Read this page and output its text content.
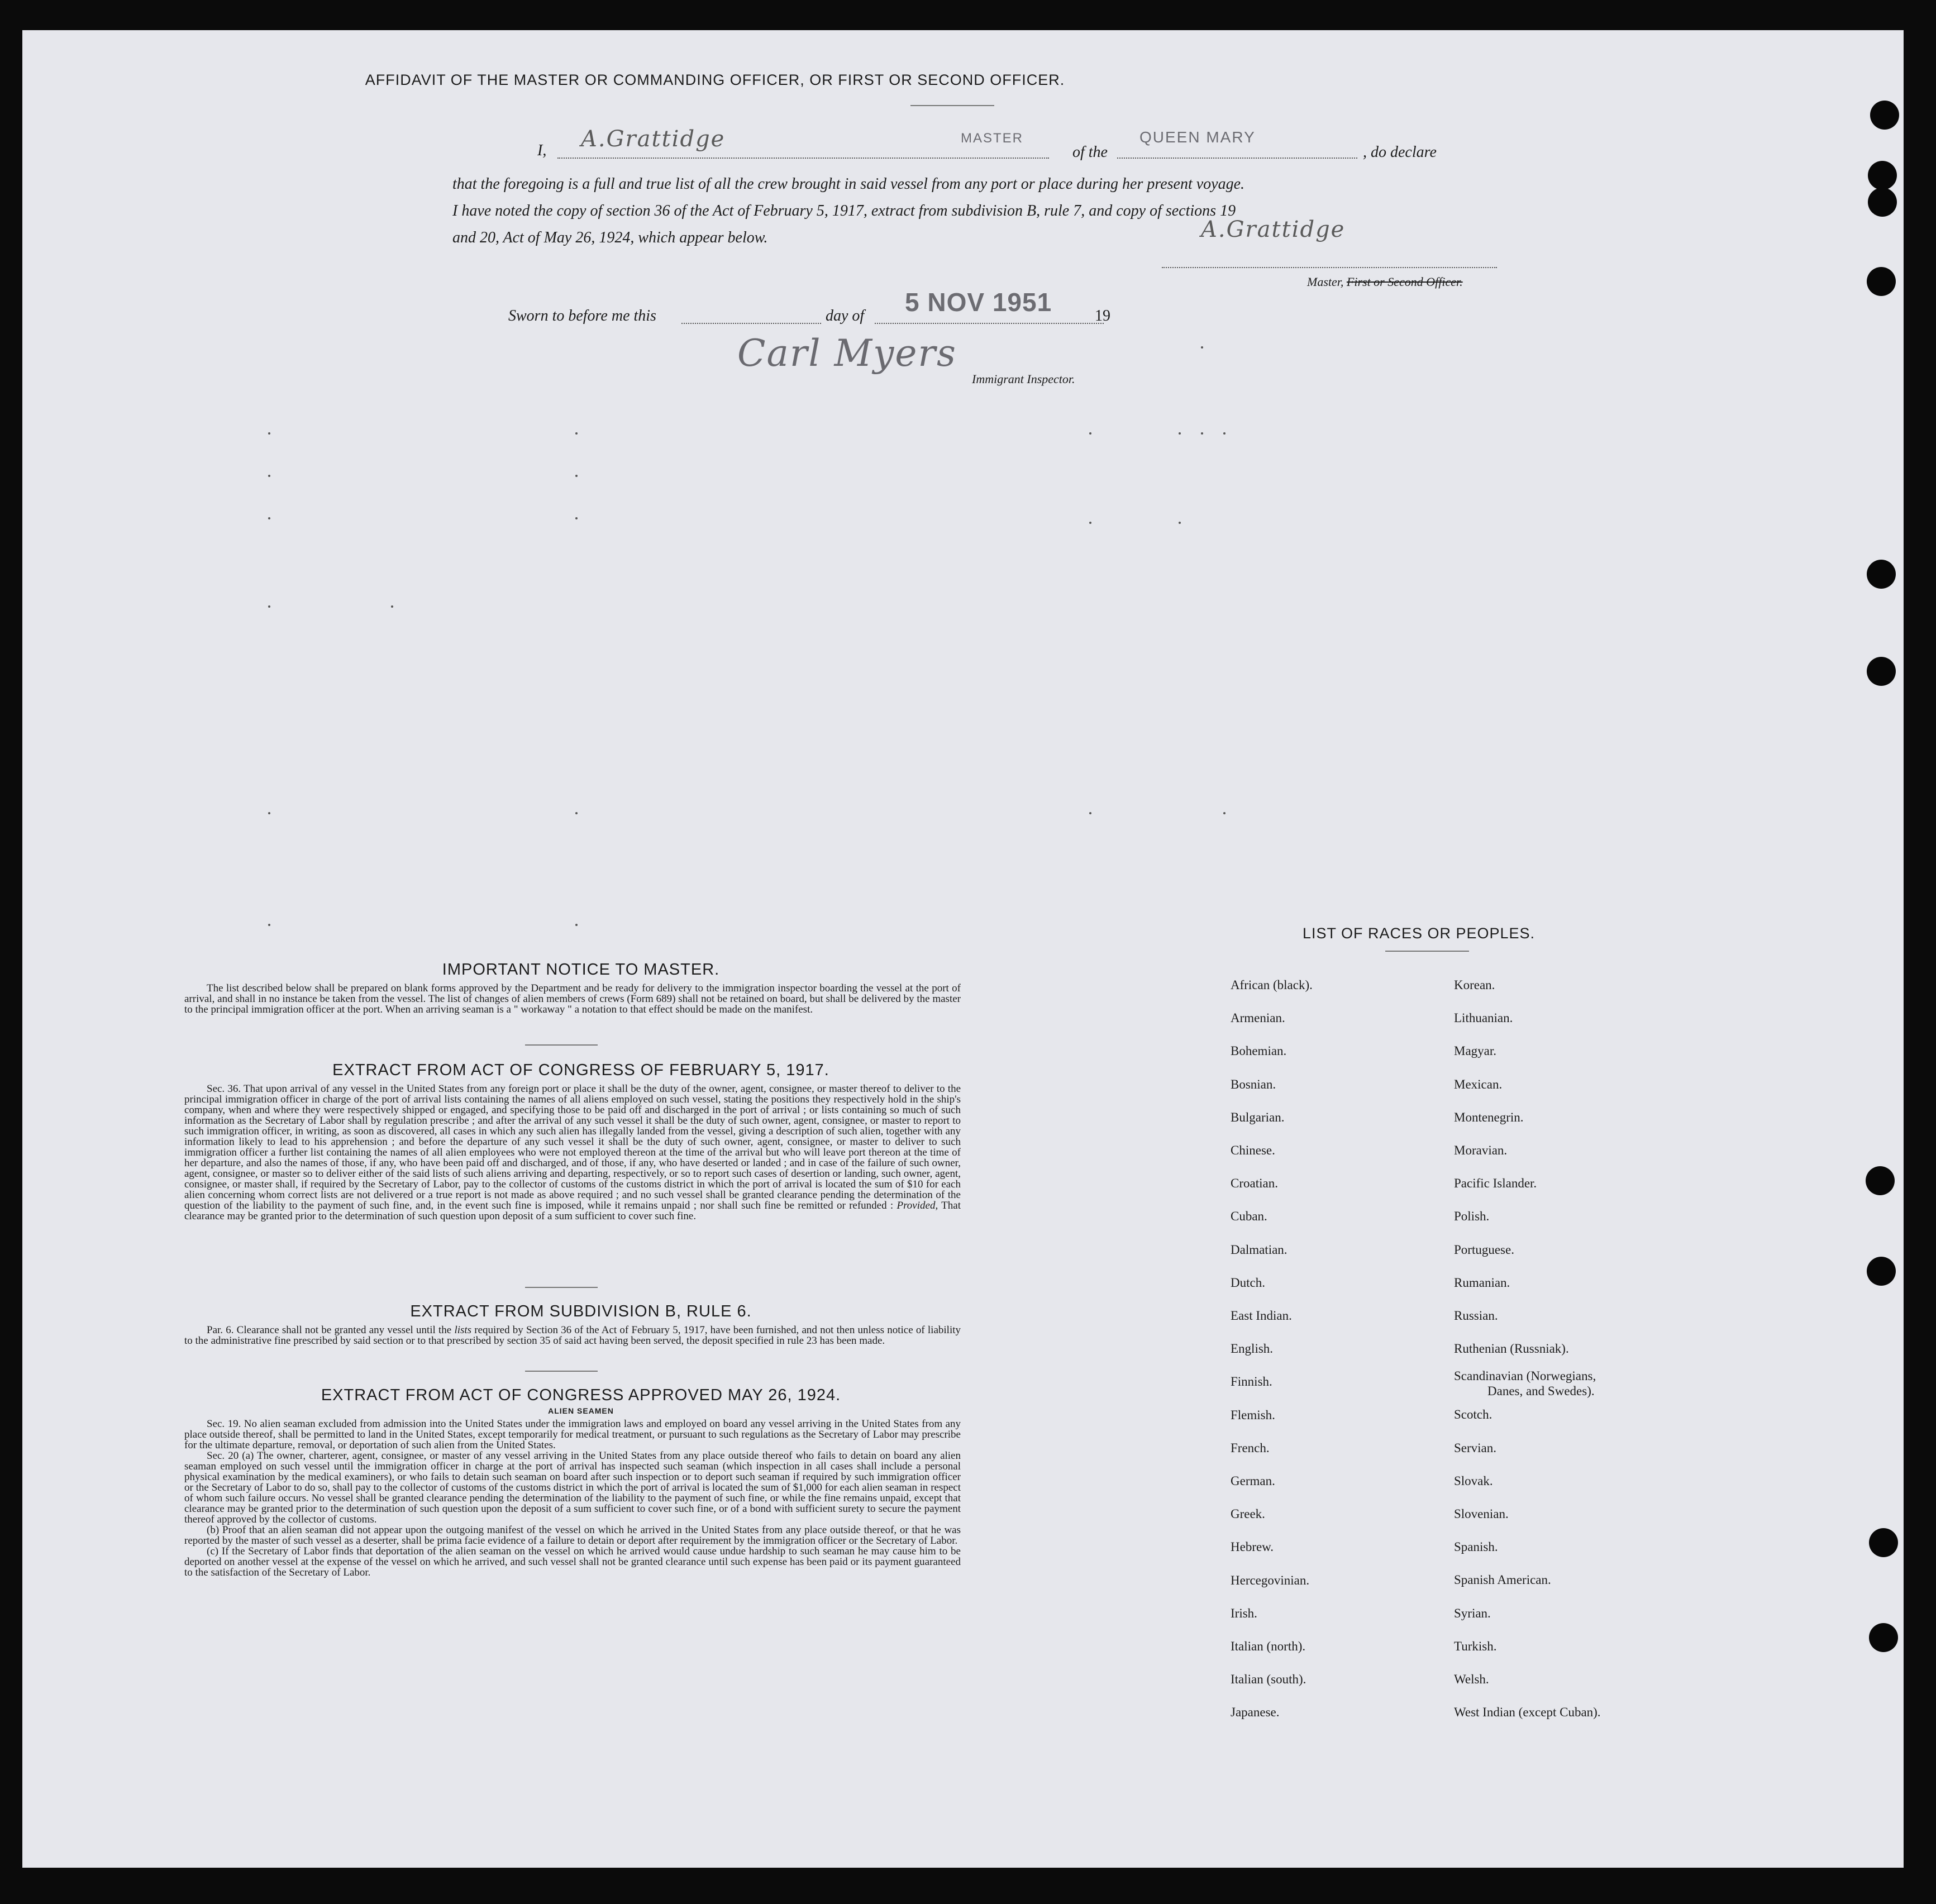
AFFIDAVIT OF THE MASTER OR COMMANDING OFFICER, OR FIRST OR SECOND OFFICER.
I, A.Grattidge	MASTER
of the
QUEEN MARY
, do declare
that the foregoing is a full and true list of all the crew brought in said vessel from any port or place during her present voyage.
I have noted the copy of section 36 of the Act of February 5, 1917, extract from subdivision B, rule 7, and copy of sections 19
and 20, Act of May 26, 1924, which appear below.	A.Grattidge
Master, First or Second Officer.
Sworn to before me this	day of 5 NOV 1951	19
Carl Myers
Immigrant Inspector.
IMPORTANT NOTICE TO MASTER.

The list described below shall be prepared on blank forms approved by the Department and be ready for delivery to the immigration inspector boarding the vessel at the port of arrival, and shall in no instance be taken from the vessel. The list of changes of alien members of crews (Form 689) shall not be retained on board, but shall be delivered by the master to the principal immigration officer at the port. When an arriving seaman is a " workaway " a notation to that effect should be made on the manifest.

EXTRACT FROM ACT OF CONGRESS OF FEBRUARY 5, 1917.

Sec. 36. That upon arrival of any vessel in the United States from any foreign port or place it shall be the duty of the owner, agent, consignee, or master thereof to deliver to the principal immigration officer in charge of the port of arrival lists containing the names of all aliens employed on such vessel, stating the positions they respectively hold in the ship's company, when and where they were respectively shipped or engaged, and specifying those to be paid off and discharged in the port of arrival ; or lists containing so much of such information as the Secretary of Labor shall by regulation prescribe ; and after the arrival of any such vessel it shall be the duty of such owner, agent, consignee, or master to report to such immigration officer, in writing, as soon as discovered, all cases in which any such alien has illegally landed from the vessel, giving a description of such alien, together with any information likely to lead to his apprehension ; and before the departure of any such vessel it shall be the duty of such owner, agent, consignee, or master to deliver to such immigration officer a further list containing the names of all alien employees who were not employed thereon at the time of the arrival but who will leave port thereon at the time of her departure, and also the names of those, if any, who have been paid off and discharged, and of those, if any, who have deserted or landed ; and in case of the failure of such owner, agent, consignee, or master so to deliver either of the said lists of such aliens arriving and departing, respectively, or so to report such cases of desertion or landing, such owner, agent, consignee, or master shall, if required by the Secretary of Labor, pay to the collector of customs of the customs district in which the port of arrival is located the sum of $10 for each alien concerning whom correct lists are not delivered or a true report is not made as above required ; and no such vessel shall be granted clearance pending the determination of the question of the liability to the payment of such fine, and, in the event such fine is imposed, while it remains unpaid ; nor shall such fine be remitted or refunded : Provided, That clearance may be granted prior to the determination of such question upon deposit of a sum sufficient to cover such fine.

EXTRACT FROM SUBDIVISION B, RULE 6.

Par. 6. Clearance shall not be granted any vessel until the lists required by Section 36 of the Act of February 5, 1917, have been furnished, and not then unless notice of liability to the administrative fine prescribed by said section or to that prescribed by section 35 of said act having been served, the deposit specified in rule 23 has been made.

EXTRACT FROM ACT OF CONGRESS APPROVED MAY 26, 1924.
ALIEN SEAMEN

Sec. 19. No alien seaman excluded from admission into the United States under the immigration laws and employed on board any vessel arriving in the United States from any place outside thereof, shall be permitted to land in the United States, except temporarily for medical treatment, or pursuant to such regulations as the Secretary of Labor may prescribe for the ultimate departure, removal, or deportation of such alien from the United States.

Sec. 20 (a) The owner, charterer, agent, consignee, or master of any vessel arriving in the United States from any place outside thereof who fails to detain on board any alien seaman employed on such vessel until the immigration officer in charge at the port of arrival has inspected such seaman (which inspection in all cases shall include a personal physical examination by the medical examiners), or who fails to detain such seaman on board after such inspection or to deport such seaman if required by such immigration officer or the Secretary of Labor to do so, shall pay to the collector of customs of the customs district in which the port of arrival is located the sum of $1,000 for each alien seaman in respect of whom such failure occurs. No vessel shall be granted clearance pending the determination of the liability to the payment of such fine, or while the fine remains unpaid, except that clearance may be granted prior to the determination of such question upon the deposit of a sum sufficient to cover such fine, or of a bond with sufficient surety to secure the payment thereof approved by the collector of customs.

(b) Proof that an alien seaman did not appear upon the outgoing manifest of the vessel on which he arrived in the United States from any place outside thereof, or that he was reported by the master of such vessel as a deserter, shall be prima facie evidence of a failure to detain or deport after requirement by the immigration officer or the Secretary of Labor.

(c) If the Secretary of Labor finds that deportation of the alien seaman on the vessel on which he arrived would cause undue hardship to such seaman he may cause him to be deported on another vessel at the expense of the vessel on which he arrived, and such vessel shall not be granted clearance until such expense has been paid or its payment guaranteed to the satisfaction of the Secretary of Labor.

LIST OF RACES OR PEOPLES.
African (black).
Armenian.
Bohemian.
Bosnian.
Bulgarian.
Chinese.
Croatian.
Cuban.
Dalmatian.
Dutch.
East Indian.
English.
Finnish.
Flemish.
French.
German.
Greek.
Hebrew.
Hercegovinian.
Irish.
Italian (north).
Italian (south).
Japanese.
Korean.
Lithuanian.
Magyar.
Mexican.
Montenegrin.
Moravian.
Pacific Islander.
Polish.
Portuguese.
Rumanian.
Russian.
Ruthenian (Russniak).
Scandinavian (Norwegians,
Danes, and Swedes).
Scotch.
Servian.
Slovak.
Slovenian.
Spanish.
Spanish American.
Syrian.
Turkish.
Welsh.
West Indian (except Cuban).
